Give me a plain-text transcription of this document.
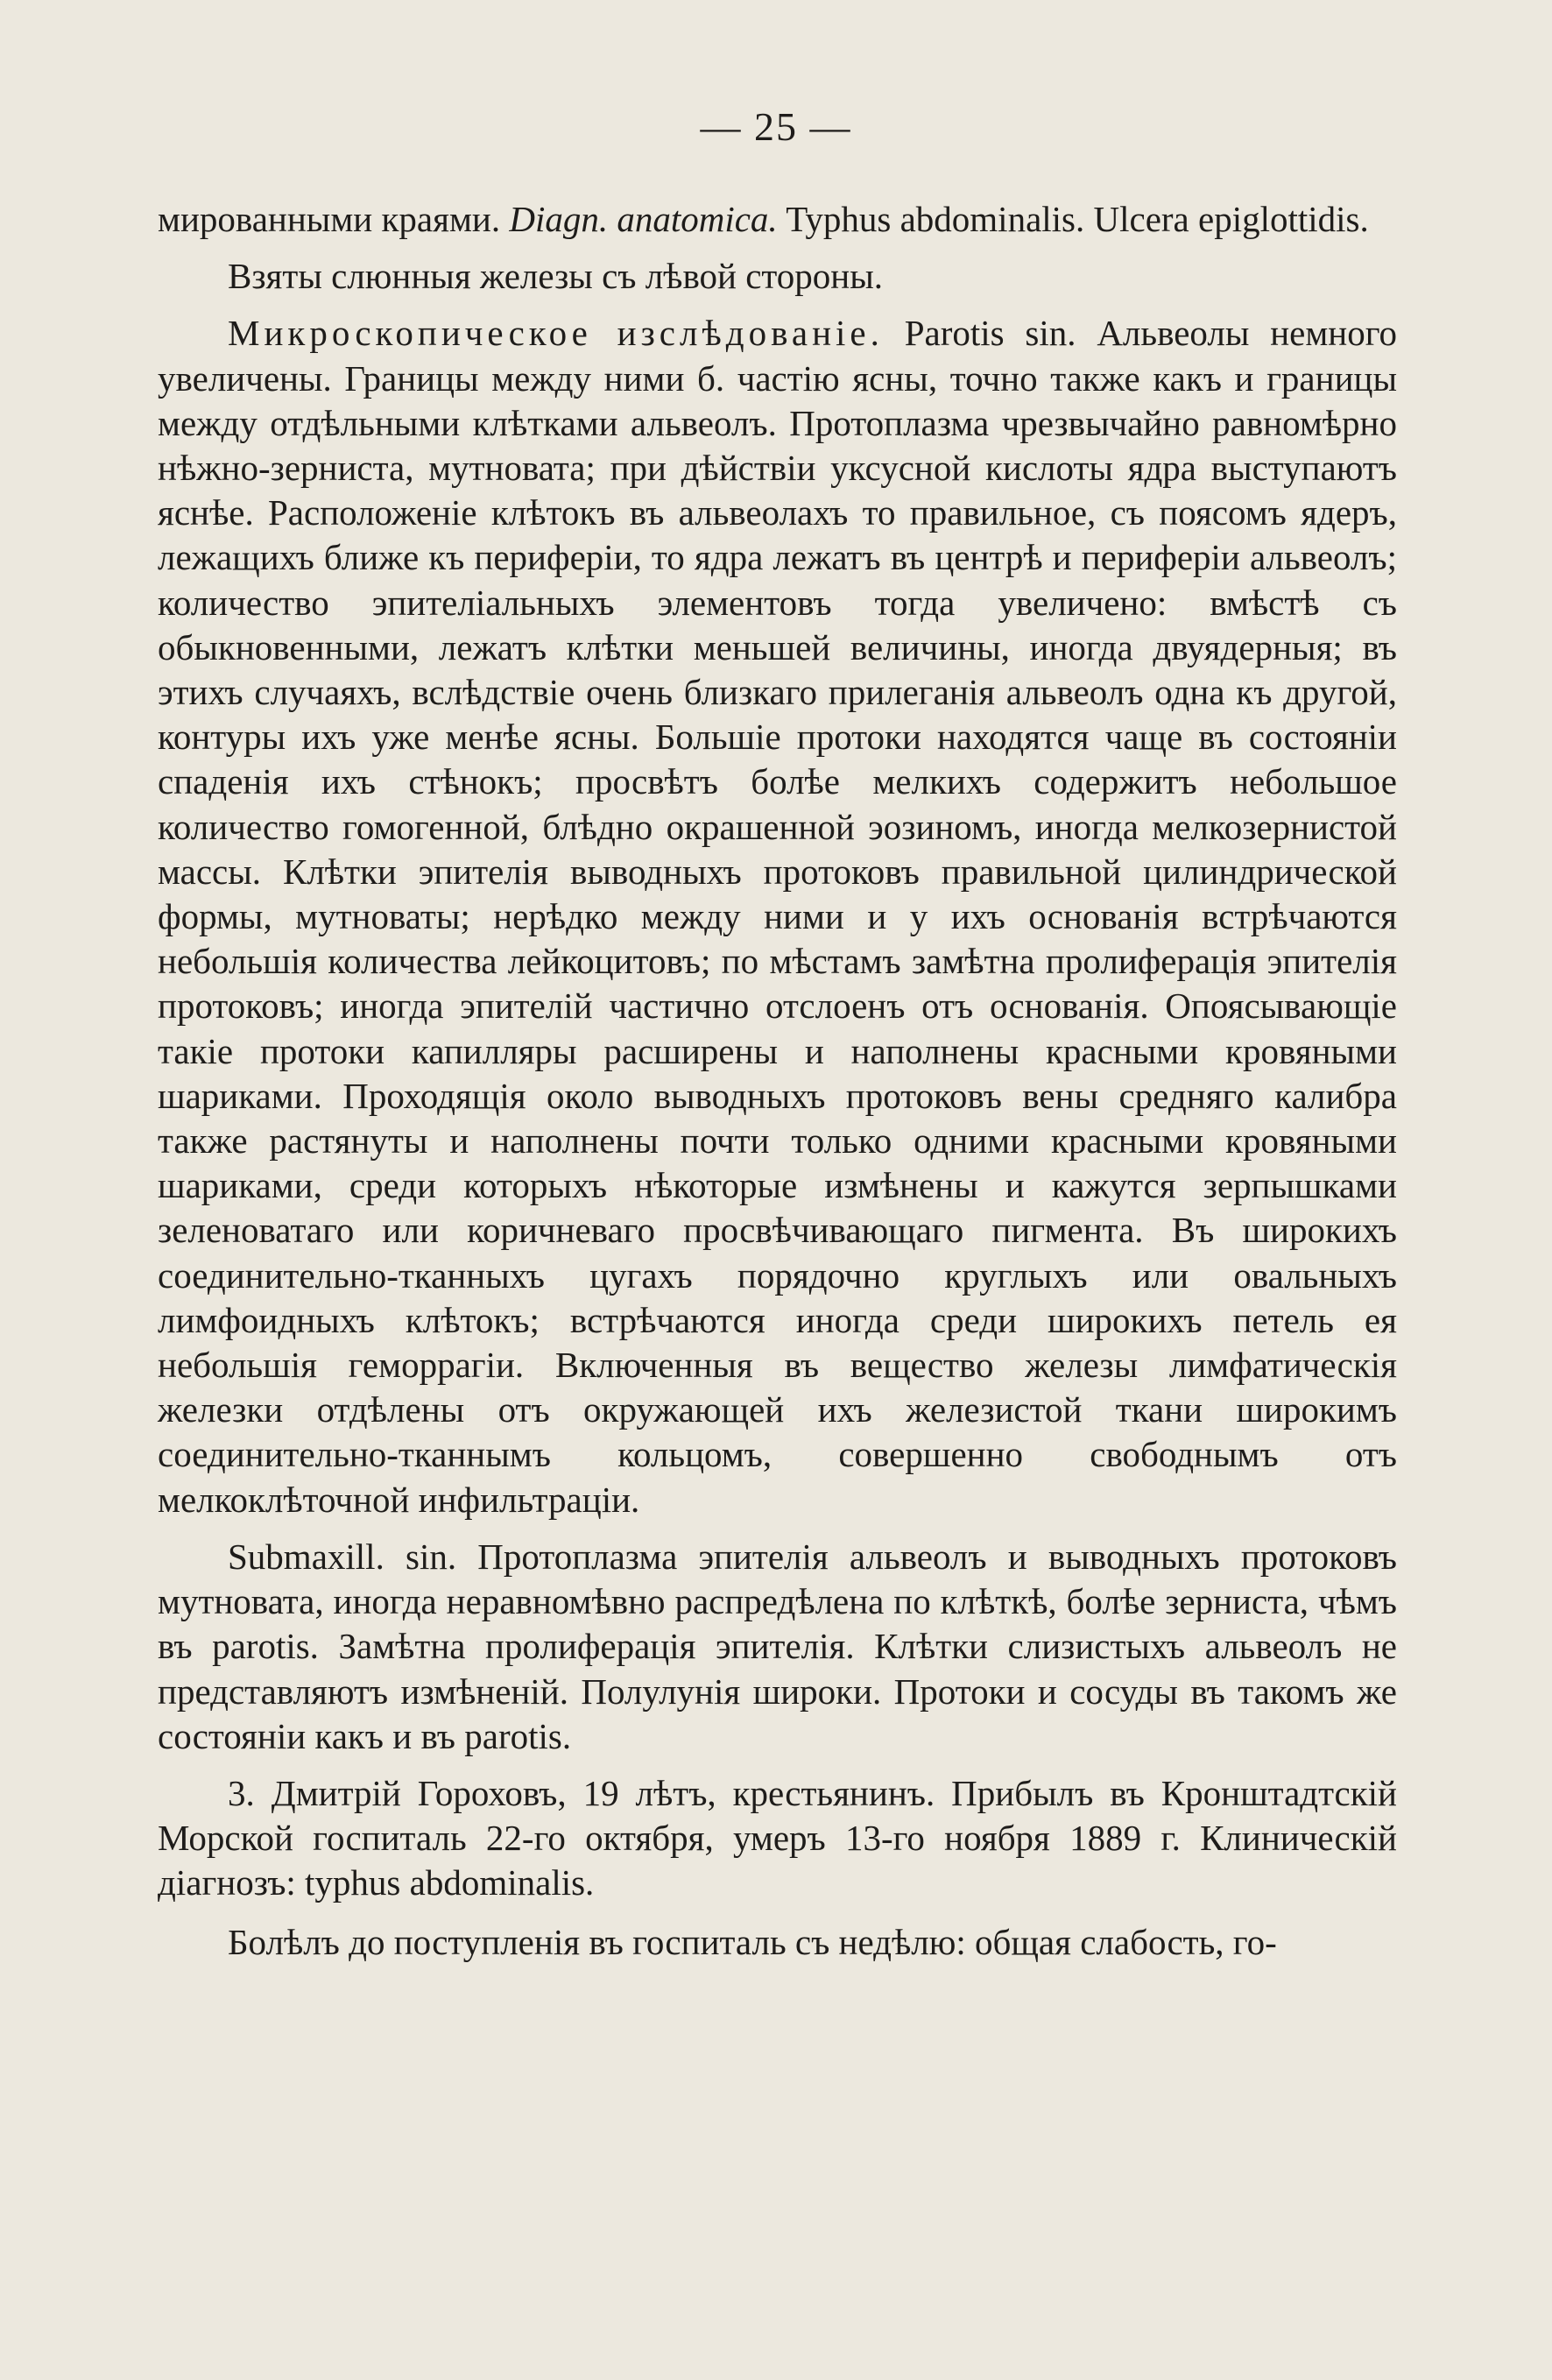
— 25 —

мированными краями. Diagn. anatomica. Typhus abdominalis. Ulcera epiglottidis.

Взяты слюнныя железы съ лѣвой стороны.

Микроскопическое изслѣдованіе. Parotis sin. Альвеолы немного увеличены. Границы между ними б. частію ясны, точно также какъ и границы между отдѣльными клѣтками альвеолъ. Протоплазма чрезвычайно равномѣрно нѣжно-зерниста, мутновата; при дѣйствіи уксусной кислоты ядра выступаютъ яснѣе. Расположеніе клѣтокъ въ альвеолахъ то правильное, съ поясомъ ядеръ, лежащихъ ближе къ периферіи, то ядра лежатъ въ центрѣ и периферіи альвеолъ; количество эпителіальныхъ элементовъ тогда увеличено: вмѣстѣ съ обыкновенными, лежатъ клѣтки меньшей величины, иногда двуядерныя; въ этихъ случаяхъ, вслѣдствіе очень близкаго прилеганія альвеолъ одна къ другой, контуры ихъ уже менѣе ясны. Большіе протоки находятся чаще въ состояніи спаденія ихъ стѣнокъ; просвѣтъ болѣе мелкихъ содержитъ небольшое количество гомогенной, блѣдно окрашенной эозиномъ, иногда мелкозернистой массы. Клѣтки эпителія выводныхъ протоковъ правильной цилиндрической формы, мутноваты; нерѣдко между ними и у ихъ основанія встрѣчаются небольшія количества лейкоцитовъ; по мѣстамъ замѣтна пролиферація эпителія протоковъ; иногда эпителій частично отслоенъ отъ основанія. Опоясывающіе такіе протоки капилляры расширены и наполнены красными кровяными шариками. Проходящія около выводныхъ протоковъ вены средняго калибра также растянуты и наполнены почти только одними красными кровяными шариками, среди которыхъ нѣкоторые измѣнены и кажутся зерпышками зеленоватаго или коричневаго просвѣчивающаго пигмента. Въ широкихъ соединительно-тканныхъ цугахъ порядочно круглыхъ или овальныхъ лимфоидныхъ клѣтокъ; встрѣчаются иногда среди широкихъ петель ея небольшія геморрагіи. Включенныя въ вещество железы лимфатическія железки отдѣлены отъ окружающей ихъ железистой ткани широкимъ соединительно-тканнымъ кольцомъ, совершенно свободнымъ отъ мелкоклѣточной инфильтраціи.

Submaxill. sin. Протоплазма эпителія альвеолъ и выводныхъ протоковъ мутновата, иногда неравномѣвно распредѣлена по клѣткѣ, болѣе зерниста, чѣмъ въ parotis. Замѣтна пролиферація эпителія. Клѣтки слизистыхъ альвеолъ не представляютъ измѣненій. Полулунія широки. Протоки и сосуды въ такомъ же состояніи какъ и въ parotis.

3. Дмитрій Гороховъ, 19 лѣтъ, крестьянинъ. Прибылъ въ Кронштадтскій Морской госпиталь 22-го октября, умеръ 13-го ноября 1889 г. Клиническій діагнозъ: typhus abdominalis.

Болѣлъ до поступленія въ госпиталь съ недѣлю: общая слабость, го-
